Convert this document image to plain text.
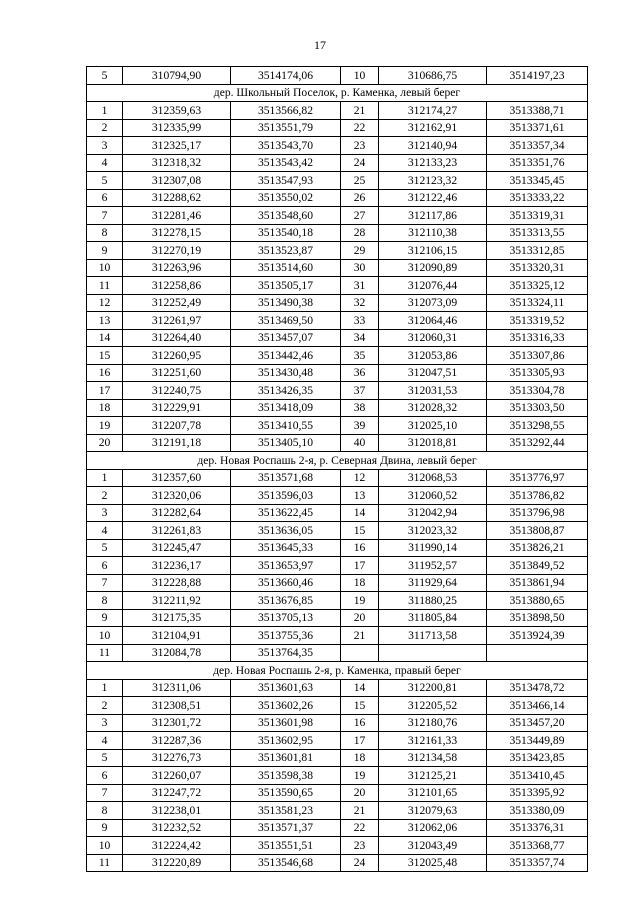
17
5	310794,90	3514174,06	10	310686,75	3514197,23
дер. Школьный Поселок, р. Каменка, левый берег					
1	312359,63	3513566,82	21	312174,27	3513388,71
2	312335,99	3513551,79	22	312162,91	3513371,61
3	312325,17	3513543,70	23	312140,94	3513357,34
4	312318,32	3513543,42	24	312133,23	3513351,76
5	312307,08	3513547,93	25	312123,32	3513345,45
6	312288,62	3513550,02	26	312122,46	3513333,22
7	312281,46	3513548,60	27	312117,86	3513319,31
8	312278,15	3513540,18	28	312110,38	3513313,55
9	312270,19	3513523,87	29	312106,15	3513312,85
10	312263,96	3513514,60	30	312090,89	3513320,31
11	312258,86	3513505,17	31	312076,44	3513325,12
12	312252,49	3513490,38	32	312073,09	3513324,11
13	312261,97	3513469,50	33	312064,46	3513319,52
14	312264,40	3513457,07	34	312060,31	3513316,33
15	312260,95	3513442,46	35	312053,86	3513307,86
16	312251,60	3513430,48	36	312047,51	3513305,93
17	312240,75	3513426,35	37	312031,53	3513304,78
18	312229,91	3513418,09	38	312028,32	3513303,50
19	312207,78	3513410,55	39	312025,10	3513298,55
20	312191,18	3513405,10	40	312018,81	3513292,44
дер. Новая Роспашь 2-я, р. Северная Двина, левый берег					
1	312357,60	3513571,68	12	312068,53	3513776,97
2	312320,06	3513596,03	13	312060,52	3513786,82
3	312282,64	3513622,45	14	312042,94	3513796,98
4	312261,83	3513636,05	15	312023,32	3513808,87
5	312245,47	3513645,33	16	311990,14	3513826,21
6	312236,17	3513653,97	17	311952,57	3513849,52
7	312228,88	3513660,46	18	311929,64	3513861,94
8	312211,92	3513676,85	19	311880,25	3513880,65
9	312175,35	3513705,13	20	311805,84	3513898,50
10	312104,91	3513755,36	21	311713,58	3513924,39
11	312084,78	3513764,35			
дер. Новая Роспашь 2-я, р. Каменка, правый берег					
1	312311,06	3513601,63	14	312200,81	3513478,72
2	312308,51	3513602,26	15	312205,52	3513466,14
3	312301,72	3513601,98	16	312180,76	3513457,20
4	312287,36	3513602,95	17	312161,33	3513449,89
5	312276,73	3513601,81	18	312134,58	3513423,85
6	312260,07	3513598,38	19	312125,21	3513410,45
7	312247,72	3513590,65	20	312101,65	3513395,92
8	312238,01	3513581,23	21	312079,63	3513380,09
9	312232,52	3513571,37	22	312062,06	3513376,31
10	312224,42	3513551,51	23	312043,49	3513368,77
11	312220,89	3513546,68	24	312025,48	3513357,74
